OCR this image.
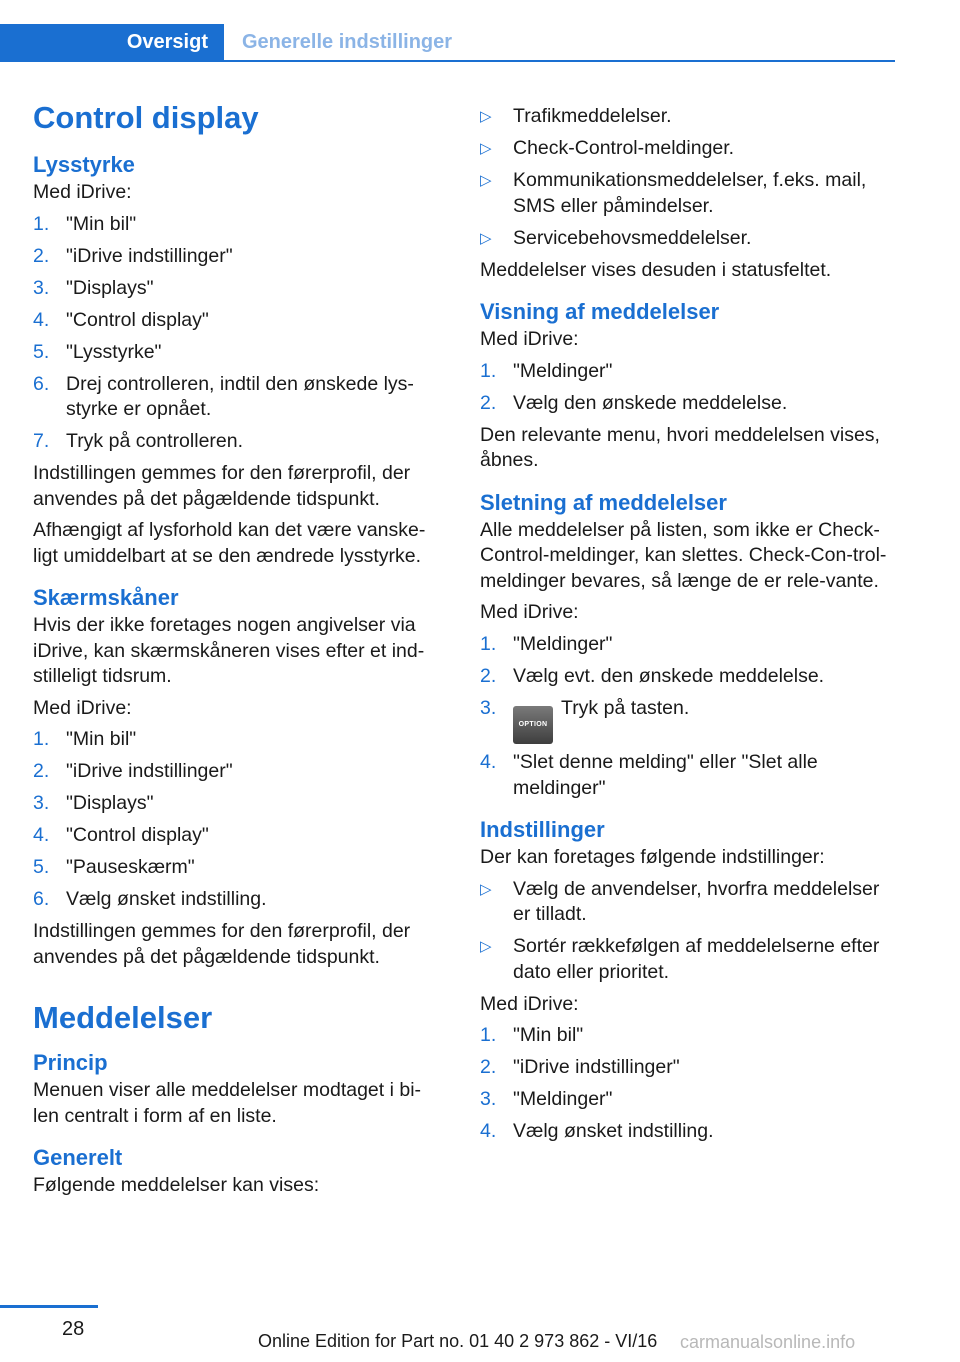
Oversigt	Generelle indstillinger
Control display
Lysstyrke

Med iDrive:

1. "Min bil"
2. "iDrive indstillinger"
3. "Displays"
4. "Control display"
5. "Lysstyrke"
6. Drej controlleren, indtil den ønskede lys‐styrke er opnået.
7. Tryk på controlleren.

Indstillingen gemmes for den førerprofil, der anvendes på det pågældende tidspunkt.

Afhængigt af lysforhold kan det være vanske‐ligt umiddelbart at se den ændrede lysstyrke.

Skærmskåner

Hvis der ikke foretages nogen angivelser via iDrive, kan skærmskåneren vises efter et ind‐stilleligt tidsrum.

Med iDrive:

1. "Min bil"
2. "iDrive indstillinger"
3. "Displays"
4. "Control display"
5. "Pauseskærm"
6. Vælg ønsket indstilling.

Indstillingen gemmes for den førerprofil, der anvendes på det pågældende tidspunkt.

Meddelelser
Princip

Menuen viser alle meddelelser modtaget i bi‐len centralt i form af en liste.

Generelt

Følgende meddelelser kan vises:

▷ Trafikmeddelelser.
▷ Check-Control-meldinger.
▷ Kommunikationsmeddelelser, f.eks. mail, SMS eller påmindelser.
▷ Servicebehovsmeddelelser.

Meddelelser vises desuden i statusfeltet.

Visning af meddelelser

Med iDrive:

1. "Meldinger"
2. Vælg den ønskede meddelelse.

Den relevante menu, hvori meddelelsen vises, åbnes.

Sletning af meddelelser

Alle meddelelser på listen, som ikke er Check-Control-meldinger, kan slettes. Check-Con‐trol-meldinger bevares, så længe de er rele‐vante.

Med iDrive:

1. "Meldinger"
2. Vælg evt. den ønskede meddelelse.
3.
OPTIONTryk på tasten.
4. "Slet denne melding" eller "Slet alle meldinger"
Indstillinger

Der kan foretages følgende indstillinger:

▷ Vælg de anvendelser, hvorfra meddelelser er tilladt.
▷ Sortér rækkefølgen af meddelelserne efter dato eller prioritet.

Med iDrive:

1. "Min bil"
2. "iDrive indstillinger"
3. "Meldinger"
4. Vælg ønsket indstilling.
28
Online Edition for Part no. 01 40 2 973 862 - VI/16 carmanualsonline.info
